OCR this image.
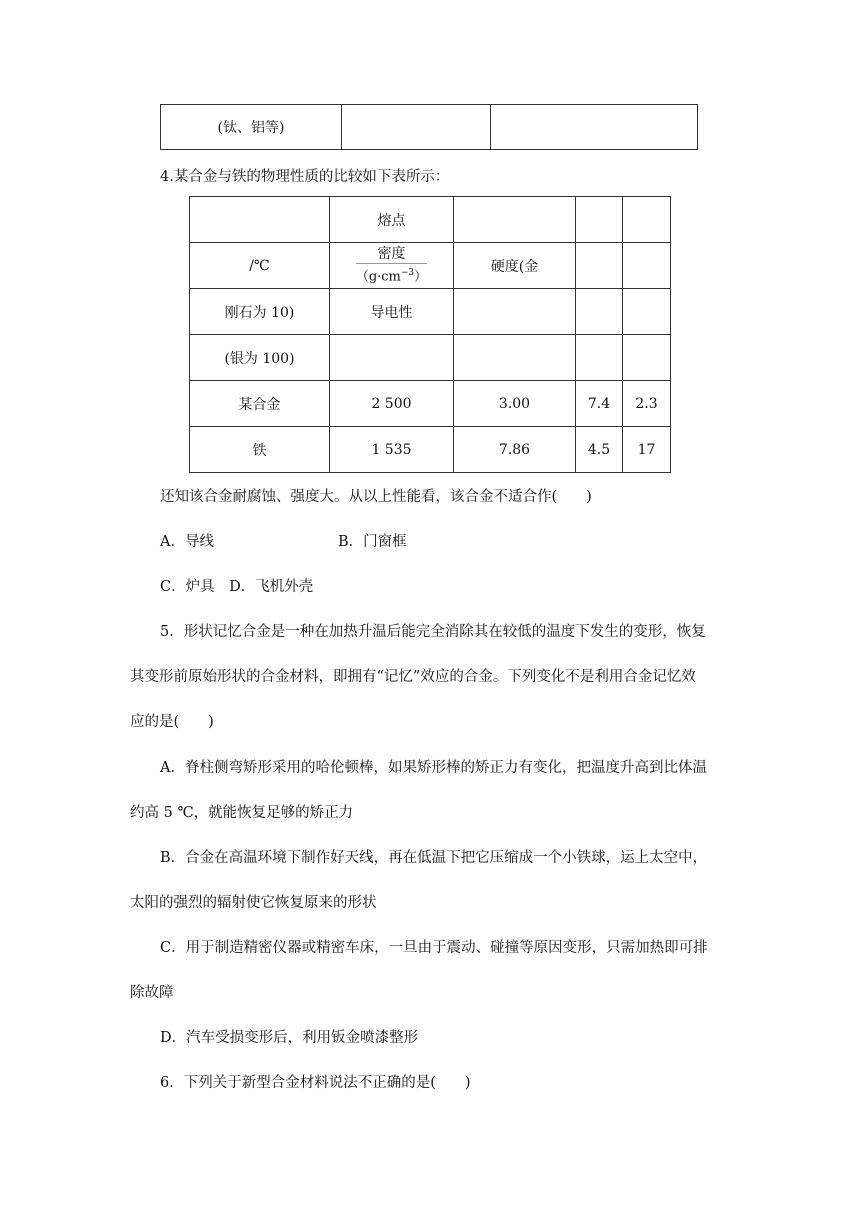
(钛、铝等)		
4.某合金与铁的物理性质的比较如下表所示：
	熔点			
/℃	$\frac{\text{密度}}{(g\cdot cm^{-3})}$	硬度(金		
刚石为 10)	导电性			
(银为 100)				
某合金	2 500	3.00	7.4	2.3
铁	1 535	7.86	4.5	17
还知该合金耐腐蚀、强度大。从以上性能看，该合金不适合作(　　)
A．导线	B．门窗框
C．炉具　D．飞机外壳
5．形状记忆合金是一种在加热升温后能完全消除其在较低的温度下发生的变形，恢复
其变形前原始形状的合金材料，即拥有“记忆”效应的合金。下列变化不是利用合金记忆效
应的是(　　)
A．脊柱侧弯矫形采用的哈伦顿棒，如果矫形棒的矫正力有变化，把温度升高到比体温
约高 5 ℃，就能恢复足够的矫正力
B．合金在高温环境下制作好天线，再在低温下把它压缩成一个小铁球，运上太空中，
太阳的强烈的辐射使它恢复原来的形状
C．用于制造精密仪器或精密车床，一旦由于震动、碰撞等原因变形，只需加热即可排
除故障
D．汽车受损变形后，利用钣金喷漆整形
6．下列关于新型合金材料说法不正确的是(　　)
